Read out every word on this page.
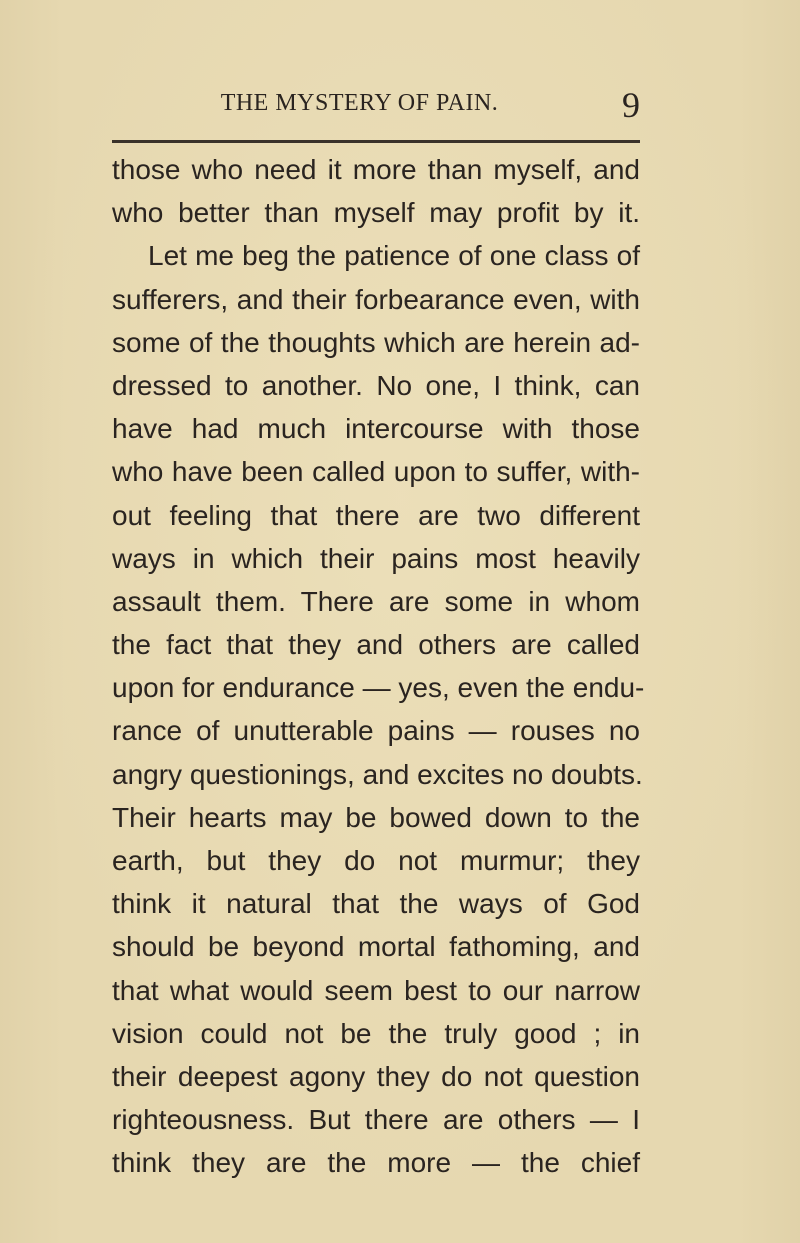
THE MYSTERY OF PAIN.	9
those who need it more than myself, and
who better than myself may profit by it.
Let me beg the patience of one class of
sufferers, and their forbearance even, with
some of the thoughts which are herein ad-
dressed to another. No one, I think, can
have had much intercourse with those
who have been called upon to suffer, with-
out feeling that there are two different
ways in which their pains most heavily
assault them. There are some in whom
the fact that they and others are called
upon for endurance — yes, even the endu-
rance of unutterable pains — rouses no
angry questionings, and excites no doubts.
Their hearts may be bowed down to the
earth, but they do not murmur; they
think it natural that the ways of God
should be beyond mortal fathoming, and
that what would seem best to our narrow
vision could not be the truly good ; in
their deepest agony they do not question
righteousness. But there are others — I
think they are the more — the chief
